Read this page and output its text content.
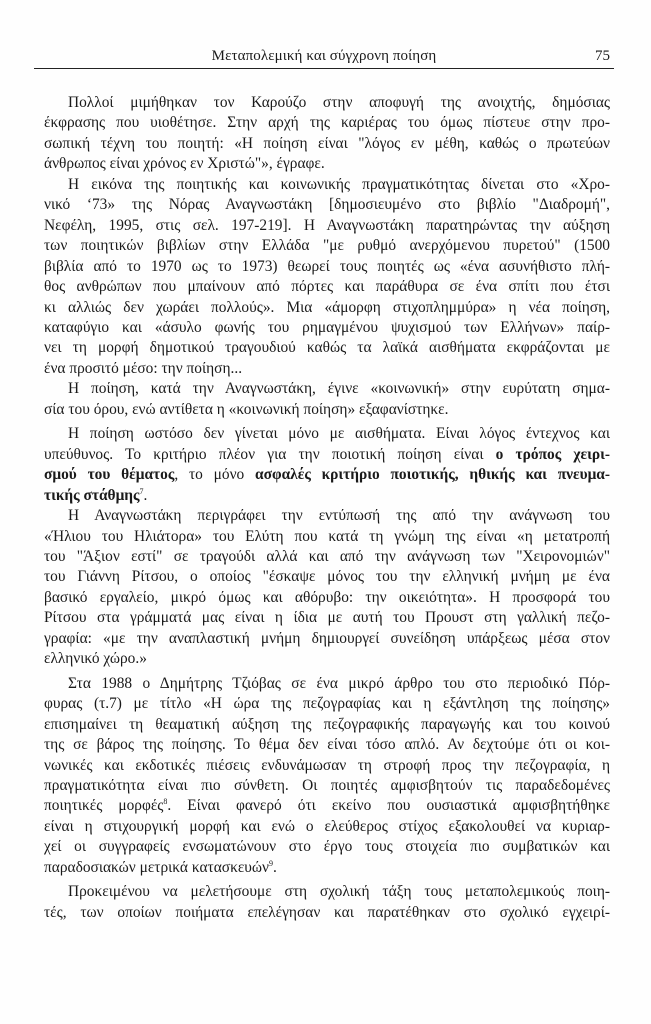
Μεταπολεμική και σύγχρονη ποίηση	75

Πολλοί μιμήθηκαν τον Καρούζο στην αποφυγή της ανοιχτής, δημόσιας
έκφρασης που υιοθέτησε. Στην αρχή της καριέρας του όμως πίστευε στην προ-
σωπική τέχνη του ποιητή: «Η ποίηση είναι "λόγος εν μέθη, καθώς ο πρωτεύων
άνθρωπος είναι χρόνος εν Χριστώ"», έγραφε.

Η εικόνα της ποιητικής και κοινωνικής πραγματικότητας δίνεται στο «Χρο-
νικό ‘73» της Νόρας Αναγνωστάκη [δημοσιευμένο στο βιβλίο "Διαδρομή",
Νεφέλη, 1995, στις σελ. 197-219]. Η Αναγνωστάκη παρατηρώντας την αύξηση
των ποιητικών βιβλίων στην Ελλάδα "με ρυθμό ανερχόμενου πυρετού" (1500
βιβλία από το 1970 ως το 1973) θεωρεί τους ποιητές ως «ένα ασυνήθιστο πλή-
θος ανθρώπων που μπαίνουν από πόρτες και παράθυρα σε ένα σπίτι που έτσι
κι αλλιώς δεν χωράει πολλούς». Μια «άμορφη στιχοπλημμύρα» η νέα ποίηση,
καταφύγιο και «άσυλο φωνής του ρημαγμένου ψυχισμού των Ελλήνων» παίρ-
νει τη μορφή δημοτικού τραγουδιού καθώς τα λαϊκά αισθήματα εκφράζονται με
ένα προσιτό μέσο: την ποίηση...

Η ποίηση, κατά την Αναγνωστάκη, έγινε «κοινωνική» στην ευρύτατη σημα-
σία του όρου, ενώ αντίθετα η «κοινωνική ποίηση» εξαφανίστηκε.

Η ποίηση ωστόσο δεν γίνεται μόνο με αισθήματα. Είναι λόγος έντεχνος και
υπεύθυνος. Το κριτήριο πλέον για την ποιοτική ποίηση είναι ο τρόπος χειρι-
σμού του θέματος, το μόνο ασφαλές κριτήριο ποιοτικής, ηθικής και πνευμα-
τικής στάθμης$^7$.

Η Αναγνωστάκη περιγράφει την εντύπωσή της από την ανάγνωση του
«Ήλιου του Ηλιάτορα» του Ελύτη που κατά τη γνώμη της είναι «η μετατροπή
του "Άξιον εστί" σε τραγούδι αλλά και από την ανάγνωση των "Χειρονομιών"
του Γιάννη Ρίτσου, ο οποίος "έσκαψε μόνος του την ελληνική μνήμη με ένα
βασικό εργαλείο, μικρό όμως και αθόρυβο: την οικειότητα». Η προσφορά του
Ρίτσου στα γράμματά μας είναι η ίδια με αυτή του Προυστ στη γαλλική πεζο-
γραφία: «με την αναπλαστική μνήμη δημιουργεί συνείδηση υπάρξεως μέσα στον
ελληνικό χώρο.»

Στα 1988 ο Δημήτρης Τζιόβας σε ένα μικρό άρθρο του στο περιοδικό Πόρ-
φυρας (τ.7) με τίτλο «Η ώρα της πεζογραφίας και η εξάντληση της ποίησης»
επισημαίνει τη θεαματική αύξηση της πεζογραφικής παραγωγής και του κοινού
της σε βάρος της ποίησης. Το θέμα δεν είναι τόσο απλό. Αν δεχτούμε ότι οι κοι-
νωνικές και εκδοτικές πιέσεις ενδυνάμωσαν τη στροφή προς την πεζογραφία, η
πραγματικότητα είναι πιο σύνθετη. Οι ποιητές αμφισβητούν τις παραδεδομένες
ποιητικές μορφές$^8$. Είναι φανερό ότι εκείνο που ουσιαστικά αμφισβητήθηκε
είναι η στιχουργική μορφή και ενώ ο ελεύθερος στίχος εξακολουθεί να κυριαρ-
χεί οι συγγραφείς ενσωματώνουν στο έργο τους στοιχεία πιο συμβατικών και
παραδοσιακών μετρικά κατασκευών$^9$.

Προκειμένου να μελετήσουμε στη σχολική τάξη τους μεταπολεμικούς ποιη-
τές, των οποίων ποιήματα επελέγησαν και παρατέθηκαν στο σχολικό εγχειρί-
